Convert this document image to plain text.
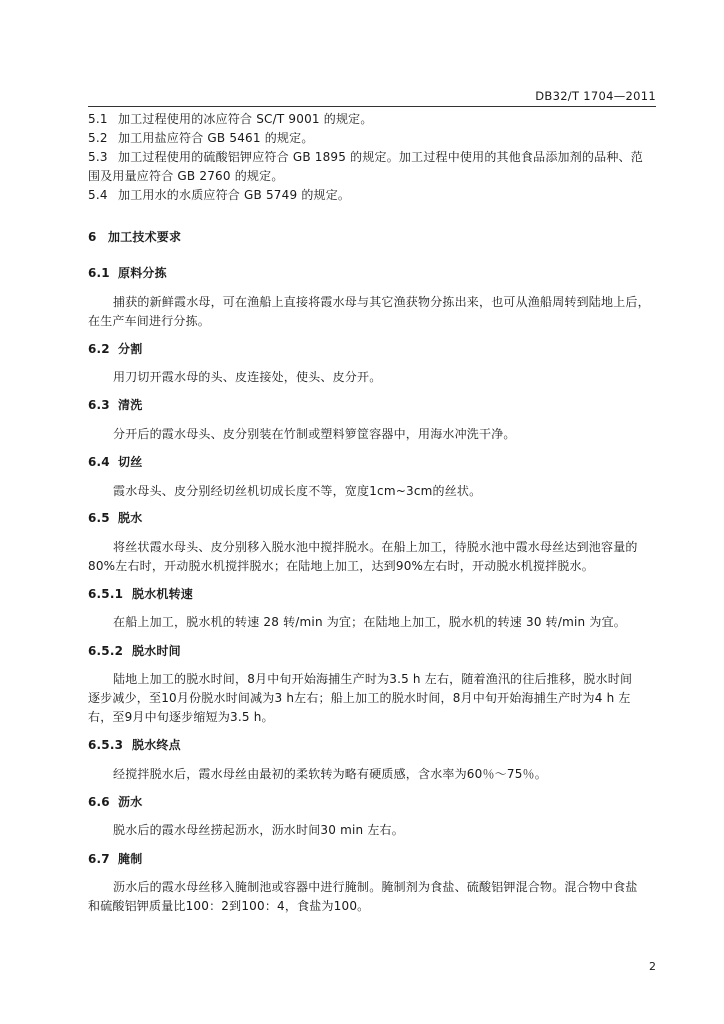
DB32/T 1704—2011
5.1 加工过程使用的冰应符合 SC/T 9001 的规定。
5.2 加工用盐应符合 GB 5461 的规定。
5.3 加工过程使用的硫酸铝钾应符合 GB 1895 的规定。加工过程中使用的其他食品添加剂的品种、范
围及用量应符合 GB 2760 的规定。
5.4 加工用水的水质应符合 GB 5749 的规定。
6 加工技术要求
6.1 原料分拣
捕获的新鲜霞水母，可在渔船上直接将霞水母与其它渔获物分拣出来，也可从渔船周转到陆地上后，
在生产车间进行分拣。
6.2 分割
用刀切开霞水母的头、皮连接处，使头、皮分开。
6.3 清洗
分开后的霞水母头、皮分别装在竹制或塑料箩筐容器中，用海水冲洗干净。
6.4 切丝
霞水母头、皮分别经切丝机切成长度不等，宽度1cm~3cm的丝状。
6.5 脱水
将丝状霞水母头、皮分别移入脱水池中搅拌脱水。在船上加工，待脱水池中霞水母丝达到池容量的
80%左右时，开动脱水机搅拌脱水；在陆地上加工，达到90%左右时，开动脱水机搅拌脱水。
6.5.1 脱水机转速
在船上加工，脱水机的转速 28 转/min 为宜；在陆地上加工，脱水机的转速 30 转/min 为宜。
6.5.2 脱水时间
陆地上加工的脱水时间，8月中旬开始海捕生产时为3.5 h 左右，随着渔汛的往后推移，脱水时间
逐步减少，至10月份脱水时间减为3 h左右；船上加工的脱水时间，8月中旬开始海捕生产时为4 h 左
右，至9月中旬逐步缩短为3.5 h。
6.5.3 脱水终点
经搅拌脱水后，霞水母丝由最初的柔软转为略有硬质感，含水率为60％～75％。
6.6 沥水
脱水后的霞水母丝捞起沥水，沥水时间30 min 左右。
6.7 腌制
沥水后的霞水母丝移入腌制池或容器中进行腌制。腌制剂为食盐、硫酸铝钾混合物。混合物中食盐
和硫酸铝钾质量比100：2到100：4，食盐为100。
2
